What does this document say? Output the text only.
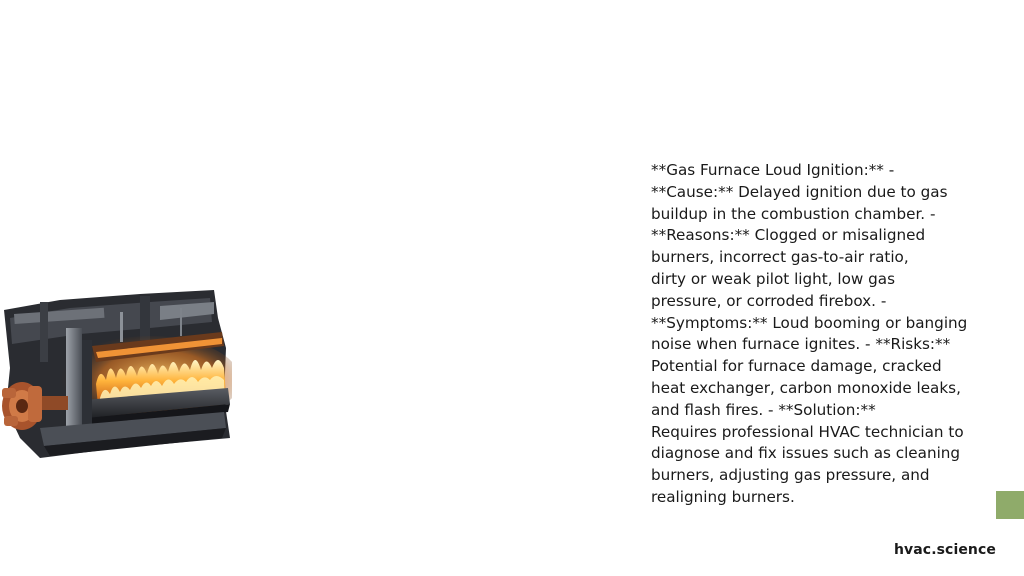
**Gas Furnace Loud Ignition:** -
**Cause:** Delayed ignition due to gas
buildup in the combustion chamber. -
**Reasons:** Clogged or misaligned
burners, incorrect gas-to-air ratio,
dirty or weak pilot light, low gas
pressure, or corroded firebox. -
**Symptoms:** Loud booming or banging
noise when furnace ignites. - **Risks:**
Potential for furnace damage, cracked
heat exchanger, carbon monoxide leaks,
and flash fires. - **Solution:**
Requires professional HVAC technician to
diagnose and fix issues such as cleaning
burners, adjusting gas pressure, and
realigning burners.

hvac.science
